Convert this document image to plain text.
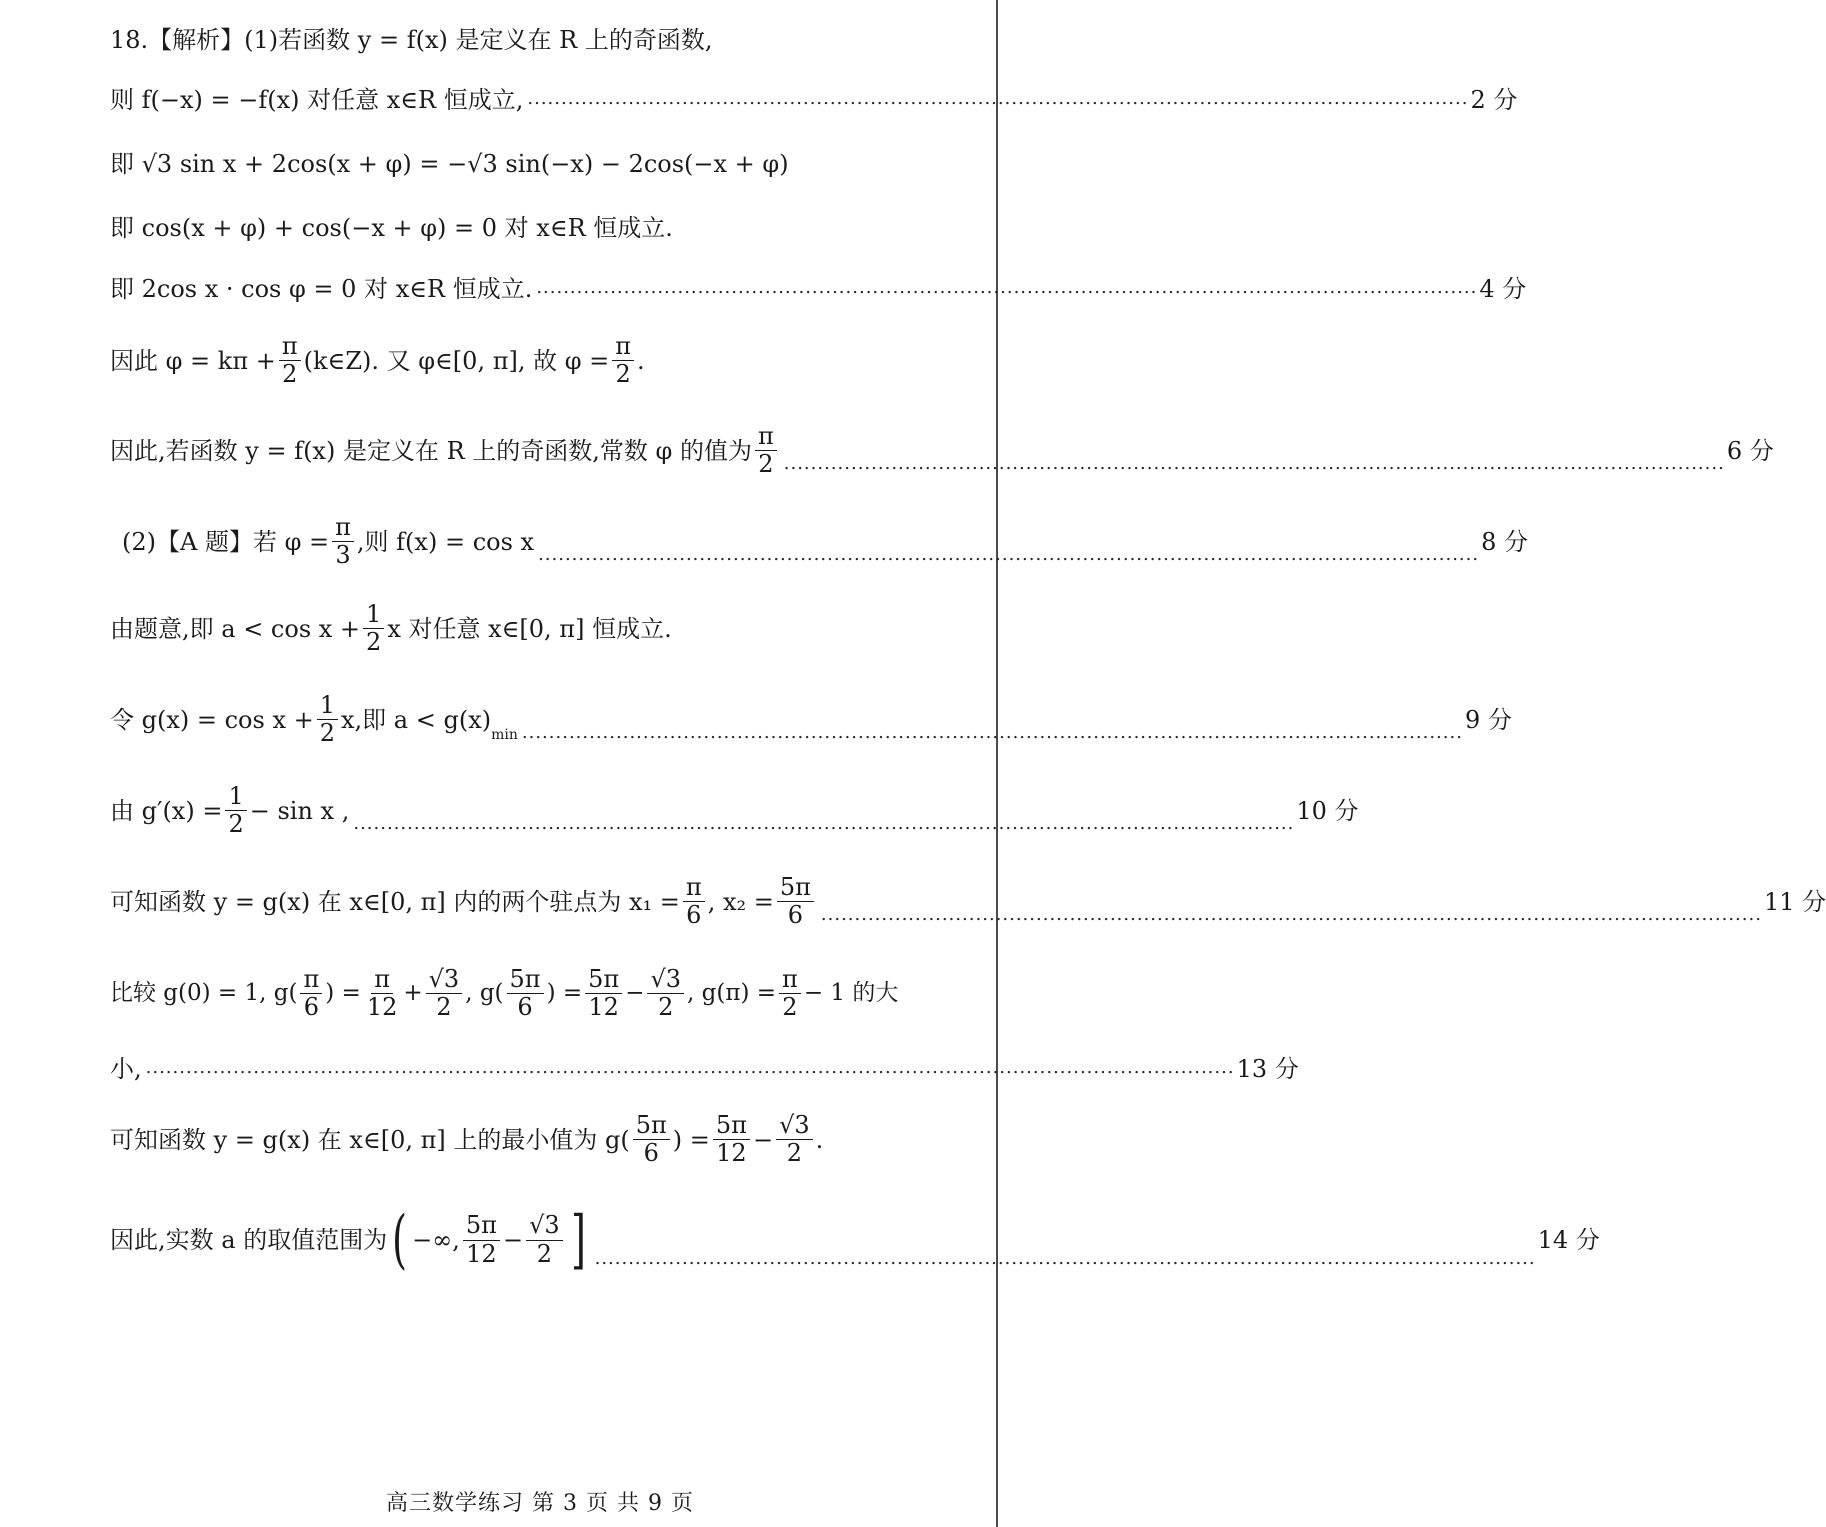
18.【解析】(1)若函数 y = f(x) 是定义在 R 上的奇函数,
则 f(−x) = −f(x) 对任意 x∈R 恒成立, ............................................................................................................................................ 2 分
即 √3 sin x + 2cos(x + φ) = −√3 sin(−x) − 2cos(−x + φ)
即 cos(x + φ) + cos(−x + φ) = 0 对 x∈R 恒成立.
即 2cos x · cos φ = 0 对 x∈R 恒成立. ............................................................................................................................................ 4 分
因此 $\varphi = k\pi + \frac{\pi}{2}$ (k∈Z). 又 φ∈[0, π], 故 $\varphi = \frac{\pi}{2}$ .
因此,若函数 y = f(x) 是定义在 R 上的奇函数,常数 φ 的值为 $\frac{\pi}{2}$ ............................................................................................................................................ 6 分
(2)【A 题】若 $\varphi = \frac{\pi}{3}$ ,则 f(x) = cos x ............................................................................................................................................ 8 分
由题意,即 $a < \cos x + \frac{1}{2}$ x 对任意 x∈[0, π] 恒成立.
令 $g(x) = \cos x + \frac{1}{2} x$,即 a < g(x)
min ............................................................................................................................................ 9 分
由 $g'(x) = \frac{1}{2} - \sin x$ , ............................................................................................................................................ 10 分
可知函数 y = g(x) 在 x∈[0, π] 内的两个驻点为 $x_1 = \frac{\pi}{6}$ , $x_2 = \frac{5\pi}{6}$ ............................................................................................................................................ 11 分
比较 g(0) = 1, $g( \frac{\pi}{6}$ ) = $\frac{\pi}{12} + \frac{√3}{2}$ , $g( \frac{5\pi}{6}$ ) = $\frac{5\pi}{12} - \frac{√3}{2}$ , $g(\pi) = \frac{\pi}{2} - 1$ 的大
小, .................................................................................................................................................................. 13 分
可知函数 y = g(x) 在 x∈[0, π] 上的最小值为 $g( \frac{5\pi}{6}$ ) = $\frac{5\pi}{12} - \frac{√3}{2}$ .
因此,实数 a 的取值范围为 ( −∞, $\frac{5\pi}{12} - \frac{√3}{2}$ ] ............................................................................................................................................
14 分
高三数学练习 第 3 页 共 9 页
